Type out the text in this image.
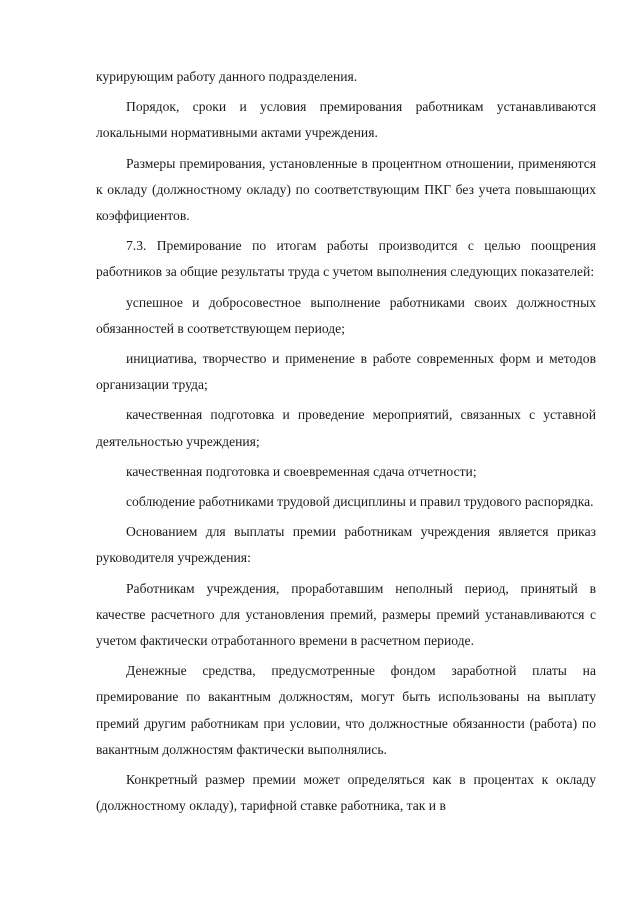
курирующим работу данного подразделения.

Порядок, сроки и условия премирования работникам устанавливаются локальными нормативными актами учреждения.

Размеры премирования, установленные в процентном отношении, применяются к окладу (должностному окладу) по соответствующим ПКГ без учета повышающих коэффициентов.

7.3. Премирование по итогам работы производится с целью поощрения работников за общие результаты труда с учетом выполнения следующих показателей:

успешное и добросовестное выполнение работниками своих должностных обязанностей в соответствующем периоде;

инициатива, творчество и применение в работе современных форм и методов организации труда;

качественная подготовка и проведение мероприятий, связанных с уставной деятельностью учреждения;

качественная подготовка и своевременная сдача отчетности;

соблюдение работниками трудовой дисциплины и правил трудового распорядка.

Основанием для выплаты премии работникам учреждения является приказ руководителя учреждения:

Работникам учреждения, проработавшим неполный период, принятый в качестве расчетного для установления премий, размеры премий устанавливаются с учетом фактически отработанного времени в расчетном периоде.

Денежные средства, предусмотренные фондом заработной платы на премирование по вакантным должностям, могут быть использованы на выплату премий другим работникам при условии, что должностные обязанности (работа) по вакантным должностям фактически выполнялись.

Конкретный размер премии может определяться как в процентах к окладу (должностному окладу), тарифной ставке работника, так и в
